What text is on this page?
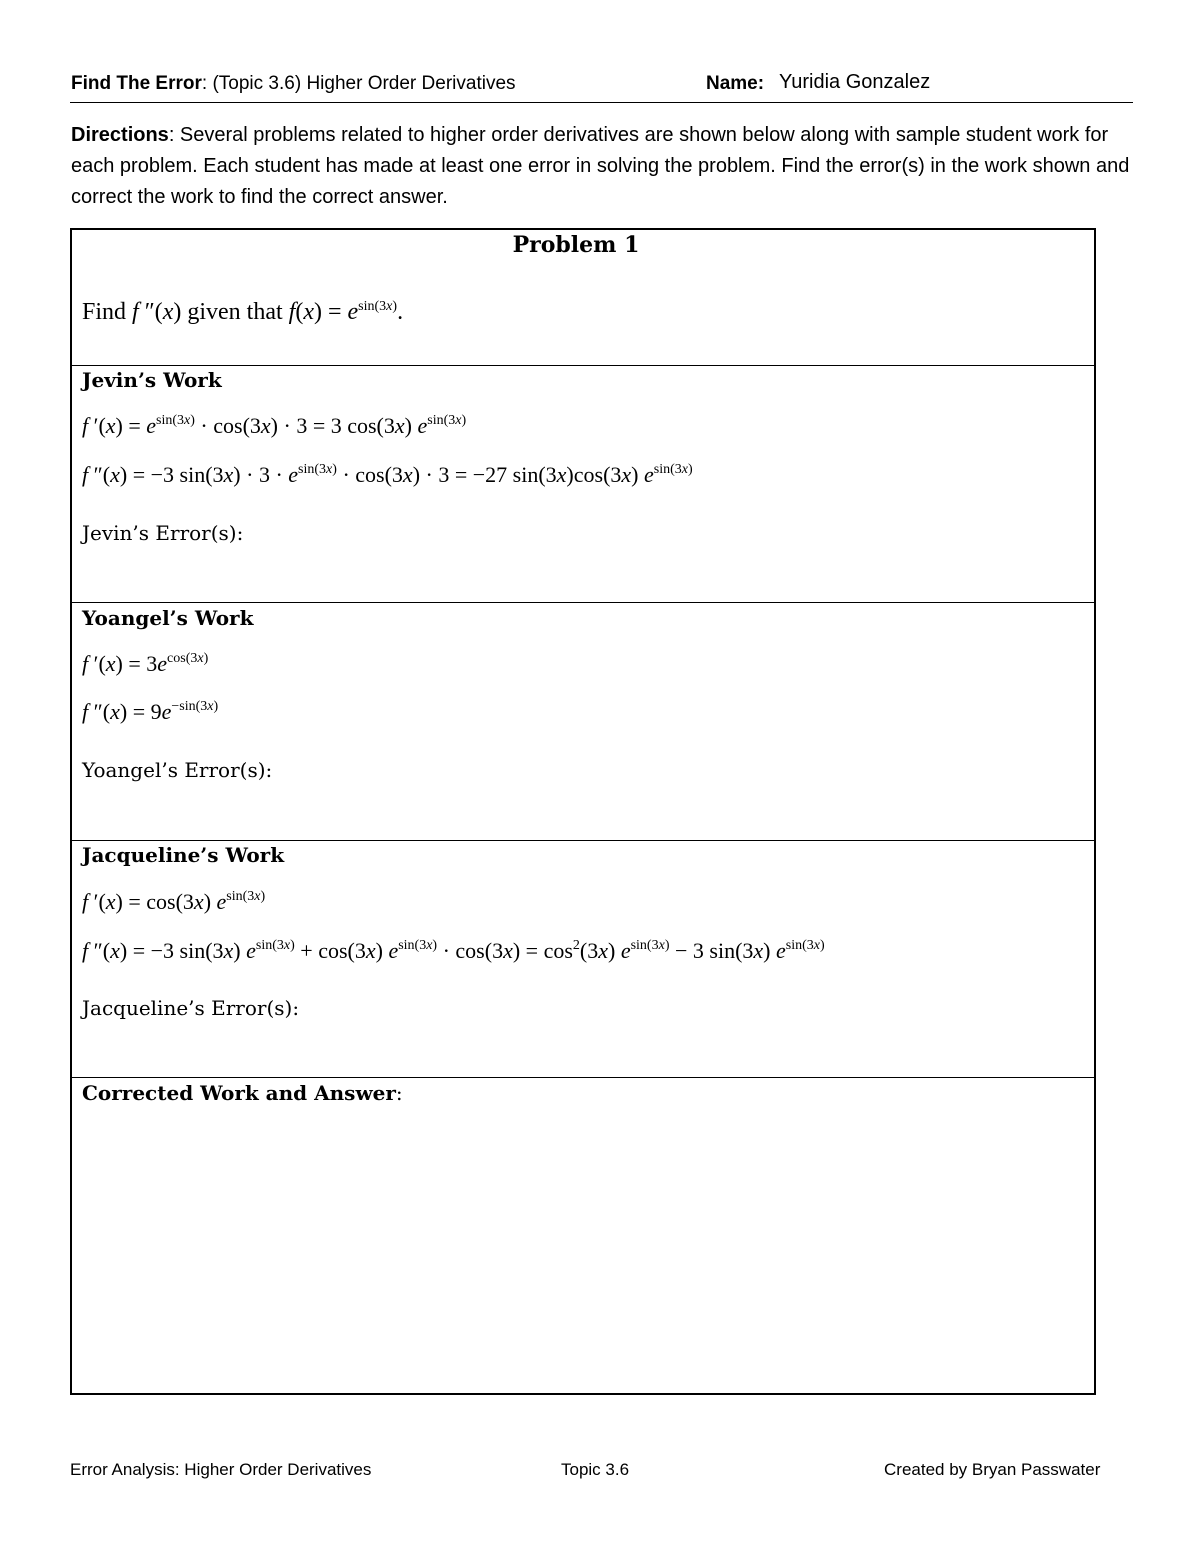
Find The Error: (Topic 3.6) Higher Order Derivatives	Name: Yuridia Gonzalez
Directions: Several problems related to higher order derivatives are shown below along with sample student work for each problem. Each student has made at least one error in solving the problem. Find the error(s) in the work shown and correct the work to find the correct answer.
Problem 1
Find f ″(x) given that $f(x) = e^{sin(3x)}$.
Jevin’s Work
f $'(x) = e^{sin(3x)} \cdot \cos(3x) \cdot 3 = 3$ cos(3x) $e^{sin(3x)}$
f ″(x) = −3 $\sin(3x) \cdot 3 \cdot e^{sin(3x)} \cdot \cos(3x) \cdot 3 = -27$ sin(3x)cos(3x) $e^{sin(3x)}$
Jevin’s Error(s):
Yoangel’s Work
f $'(x) = 3e^{cos(3x)}$
f $''(x) = 9e^{-sin(3x)}$
Yoangel’s Error(s):
Jacqueline’s Work
f ′(x) = cos(3x) $e^{sin(3x)}$
f ″(x) = −3 sin(3x) $e^{sin(3x)} + \cos(3x) e^{sin(3x)} \cdot \cos(3x) = \cos^2(3x) e^{sin(3x)} - 3$ sin(3x) $e^{sin(3x)}$
Jacqueline’s Error(s):
Corrected Work and Answer:
Error Analysis: Higher Order Derivatives	Topic 3.6	Created by Bryan Passwater
